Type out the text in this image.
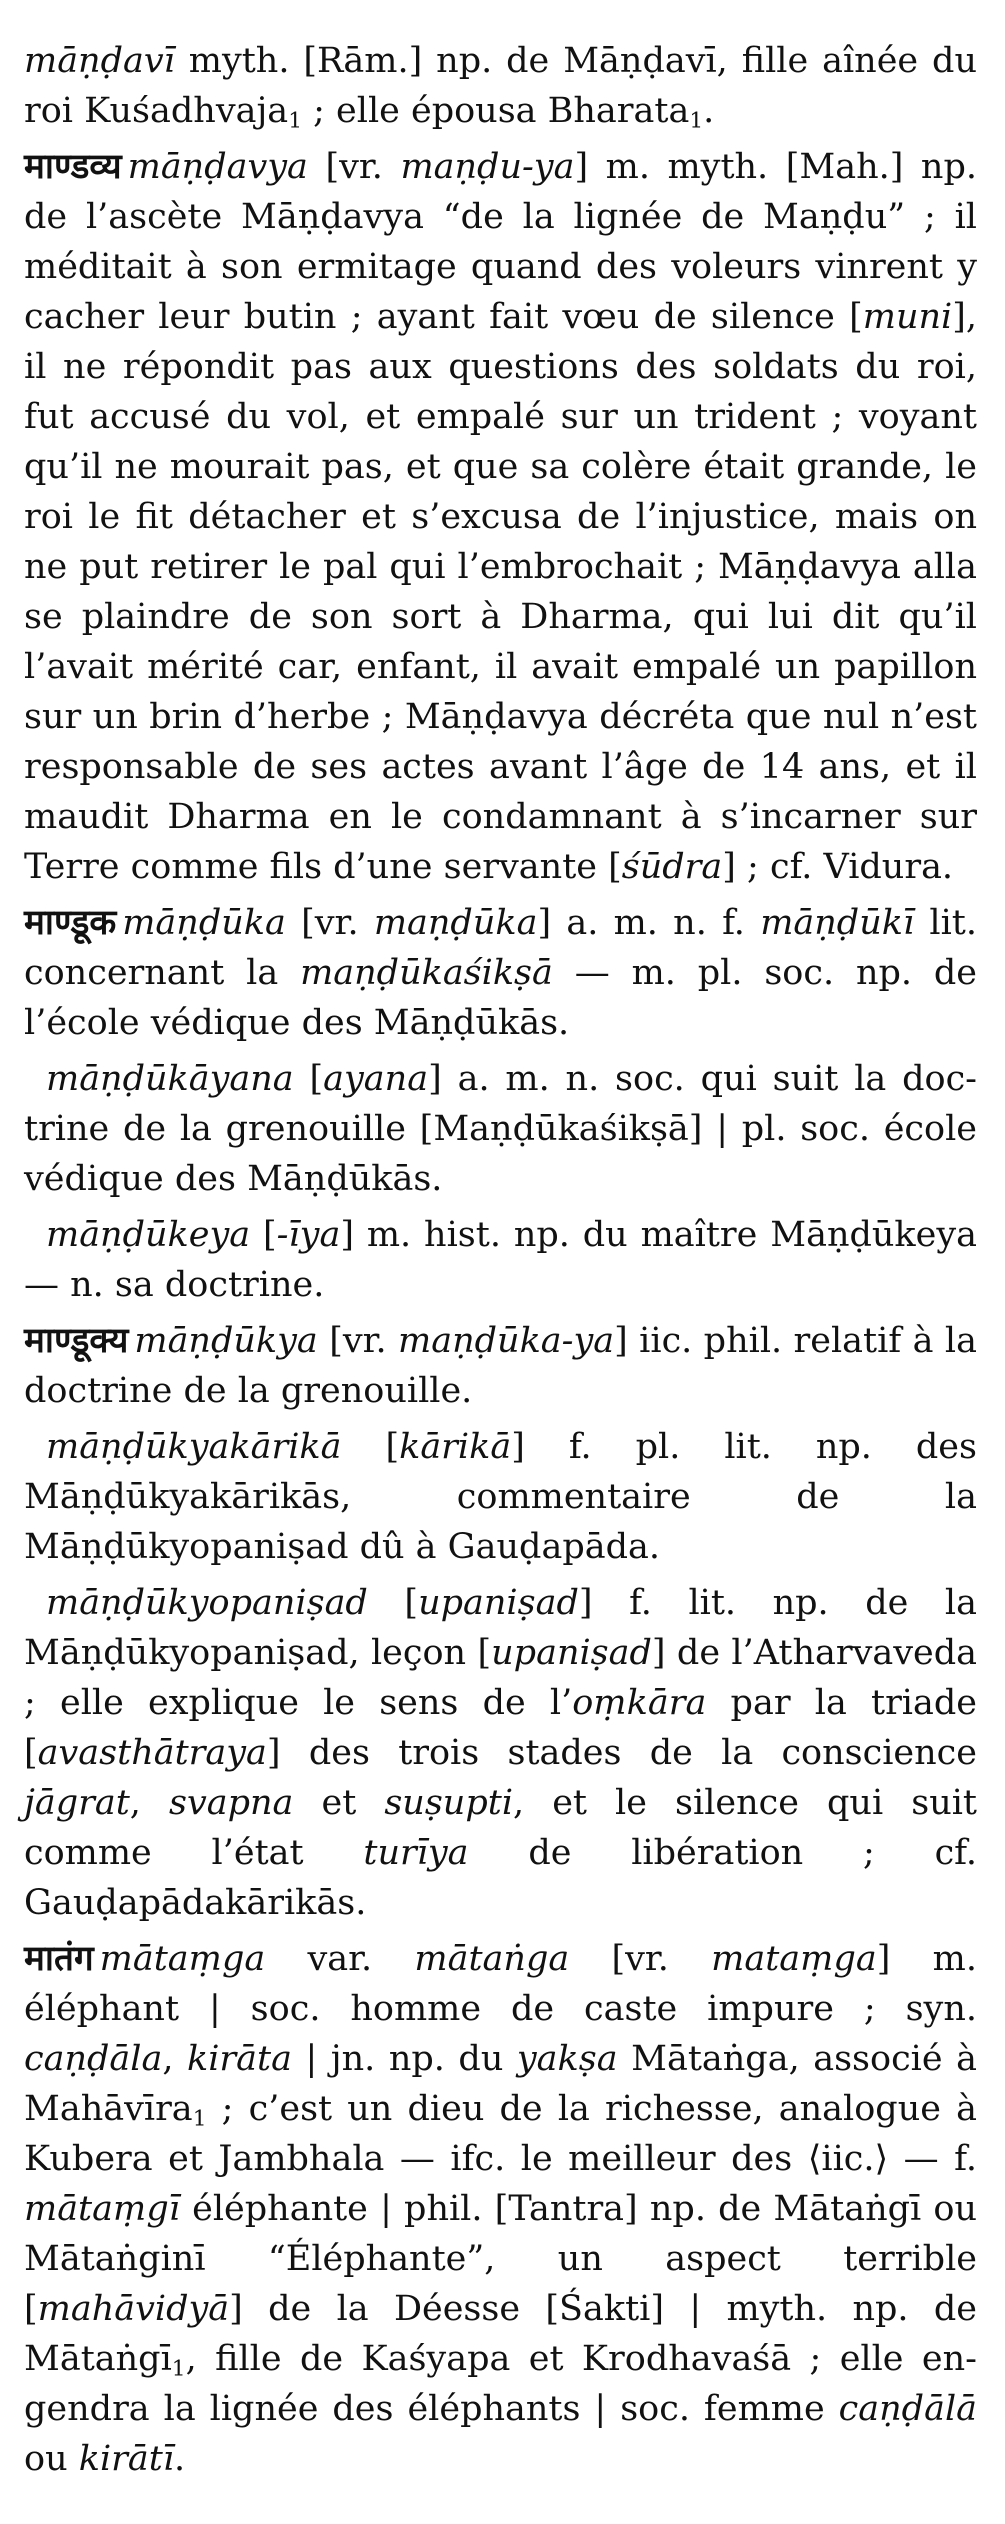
māṇḍavī myth. [Rām.] np. de Māṇḍavī, fille aînée du roi Kuśadhvaja$_1$ ; elle épousa Bharata$_1$.

माण्डव्य māṇḍavya [vr. maṇḍu-ya] m. myth. [Mah.] np. de l’ascète Māṇḍavya “de la lignée de Maṇḍu” ; il méditait à son ermitage quand des voleurs vinrent y cacher leur butin ; ayant fait vœu de silence [muni], il ne répondit pas aux questions des soldats du roi, fut accusé du vol, et empalé sur un trident ; voyant qu’il ne mourait pas, et que sa colère était grande, le roi le fit détacher et s’excusa de l’injustice, mais on ne put retirer le pal qui l’embrochait ; Māṇḍavya alla se plaindre de son sort à Dharma, qui lui dit qu’il l’avait mérité car, enfant, il avait empalé un papillon sur un brin d’herbe ; Māṇḍavya décréta que nul n’est responsable de ses actes avant l’âge de 14 ans, et il maudit Dharma en le condamnant à s’incarner sur Terre comme fils d’une servante [śūdra] ; cf. Vidura.

माण्डूक māṇḍūka [vr. maṇḍūka] a. m. n. f. māṇḍūkī lit. concernant la maṇḍūkaśikṣā — m. pl. soc. np. de l’école védique des Māṇḍūkās.

māṇḍūkāyana [ayana] a. m. n. soc. qui suit la doctrine de la grenouille [Maṇḍūkaśikṣā] | pl. soc. école védique des Māṇḍūkās.

māṇḍūkeya [-īya] m. hist. np. du maître Māṇḍūkeya — n. sa doctrine.

माण्डूक्य māṇḍūkya [vr. maṇḍūka-ya] iic. phil. relatif à la doctrine de la grenouille.

māṇḍūkyakārikā [kārikā] f. pl. lit. np. des Māṇḍūkyakārikās, commentaire de la Māṇḍūkyopaniṣad dû à Gauḍapāda.

māṇḍūkyopaniṣad [upaniṣad] f. lit. np. de la Māṇḍūkyopaniṣad, leçon [upaniṣad] de l’Atharvaveda ; elle explique le sens de l’oṃkāra par la triade [avasthātraya] des trois stades de la conscience jāgrat, svapna et suṣupti, et le silence qui suit comme l’état turīya de libération ; cf. Gauḍapādakārikās.

मातंग mātaṃga var. mātaṅga [vr. mataṃga] m. éléphant | soc. homme de caste impure ; syn. caṇḍāla, kirāta | jn. np. du yakṣa Mātaṅga, associé à Mahāvīra$_1$ ; c’est un dieu de la richesse, analogue à Kubera et Jambhala — ifc. le meilleur des ⟨iic.⟩ — f. mātaṃgī éléphante | phil. [Tantra] np. de Mātaṅgī ou Mātaṅginī “Éléphante”, un aspect terrible [mahāvidyā] de la Déesse [Śakti] | myth. np. de Mātaṅgī$_1$, fille de Kaśyapa et Krodhavaśā ; elle engendra la lignée des éléphants | soc. femme caṇḍālā ou kirātī.
